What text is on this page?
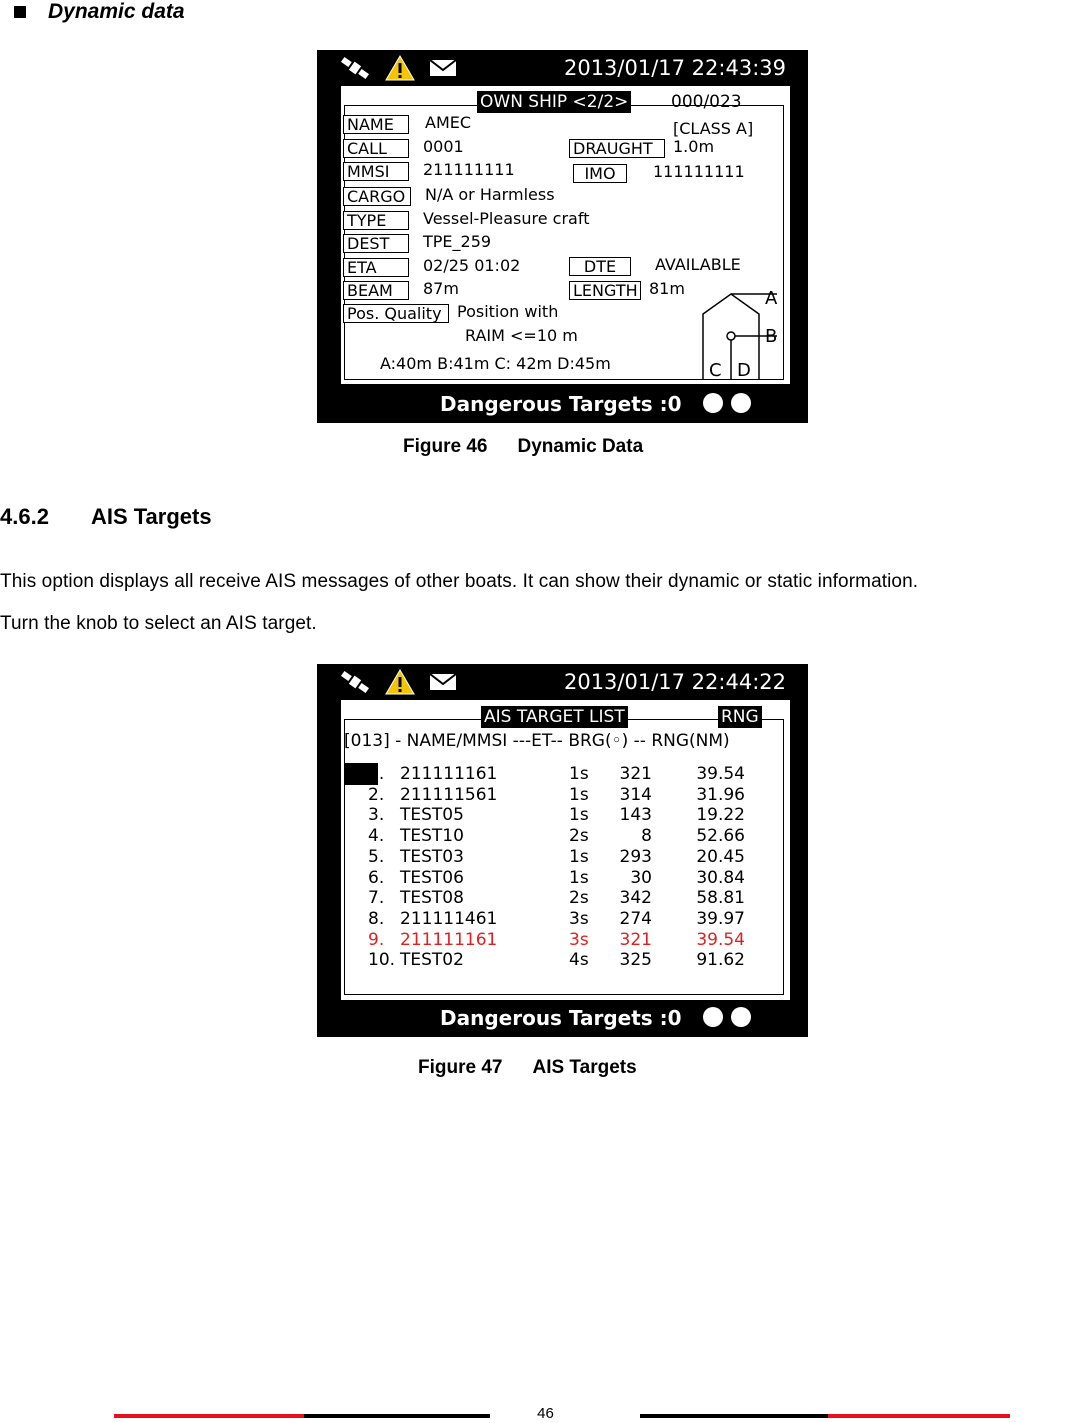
Dynamic data
2013/01/17 22:43:39
OWN SHIP <2/2>	000/023
[CLASS A]
NAME	AMEC
CALL	0001
MMSI	211111111
CARGO	N/A or Harmless
TYPE	Vessel-Pleasure craft
DEST	TPE_259
ETA	02/25 01:02
BEAM	87m
Pos. Quality Position with
RAIM <=10 m
DRAUGHT	1.0m
IMO	111111111
DTE	AVAILABLE
LENGTH 81m
A:40m B:41m C: 42m D:45m
A
B
C D
Dangerous Targets :0
Figure 46 Dynamic Data
4.6.2 AIS Targets
This option displays all receive AIS messages of other boats. It can show their dynamic or static information.
Turn the knob to select an AIS target.
2013/01/17 22:44:22
AIS TARGET LIST	RNG
[013] - NAME/MMSI ---ET-- BRG(◦) -- RNG(NM)
1. 211111161	1s 321	39.54
2. 211111561	1s 314	31.96
3. TEST05	1s 143	19.22
4. TEST10	2s	8	52.66
5. TEST03	1s 293	20.45
6. TEST06	1s 30	30.84
7. TEST08	2s 342	58.81
8. 211111461	3s 274	39.97
9. 211111161	3s 321	39.54
10. TEST02	4s 325	91.62
Dangerous Targets :0
Figure 47 AIS Targets
46
